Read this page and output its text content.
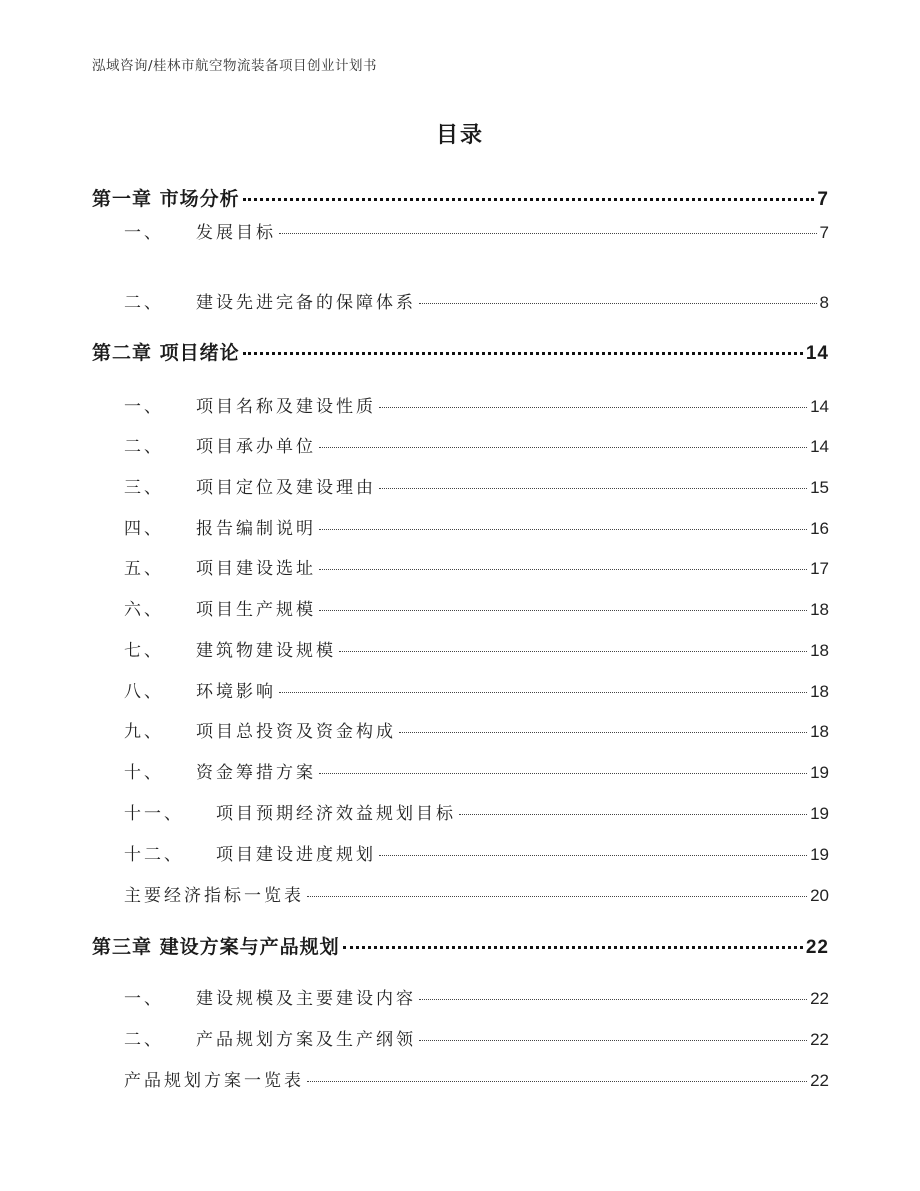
泓域咨询/桂林市航空物流装备项目创业计划书
目录
第一章 市场分析	7
一、 发展目标	7
二、 建设先进完备的保障体系	8
第二章 项目绪论	14
一、 项目名称及建设性质	14
二、 项目承办单位	14
三、 项目定位及建设理由	15
四、 报告编制说明	16
五、 项目建设选址	17
六、 项目生产规模	18
七、 建筑物建设规模	18
八、 环境影响	18
九、 项目总投资及资金构成	18
十、 资金筹措方案	19
十一、 项目预期经济效益规划目标	19
十二、 项目建设进度规划	19
主要经济指标一览表	20
第三章 建设方案与产品规划	22
一、 建设规模及主要建设内容	22
二、 产品规划方案及生产纲领	22
产品规划方案一览表	22
